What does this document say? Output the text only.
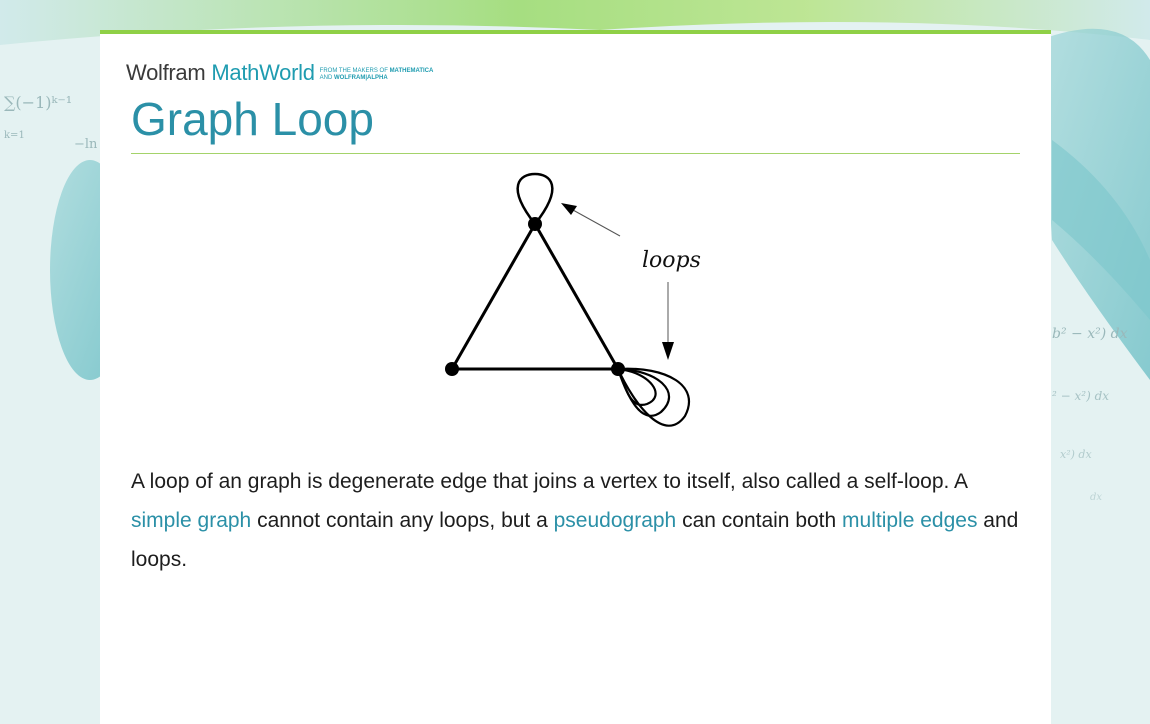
∑(−1)ᵏ⁻¹
k=1
−ln
b² − x²) dx
² − x²) dx
x²) dx
dx
Wolfram MathWorld FROM THE MAKERS OF MATHEMATICA
AND WOLFRAM|ALPHA
Graph Loop
loops

A loop of an graph is degenerate edge that joins a vertex to itself, also called a self-loop. A simple graph cannot contain any loops, but a pseudograph can contain both multiple edges and loops.
